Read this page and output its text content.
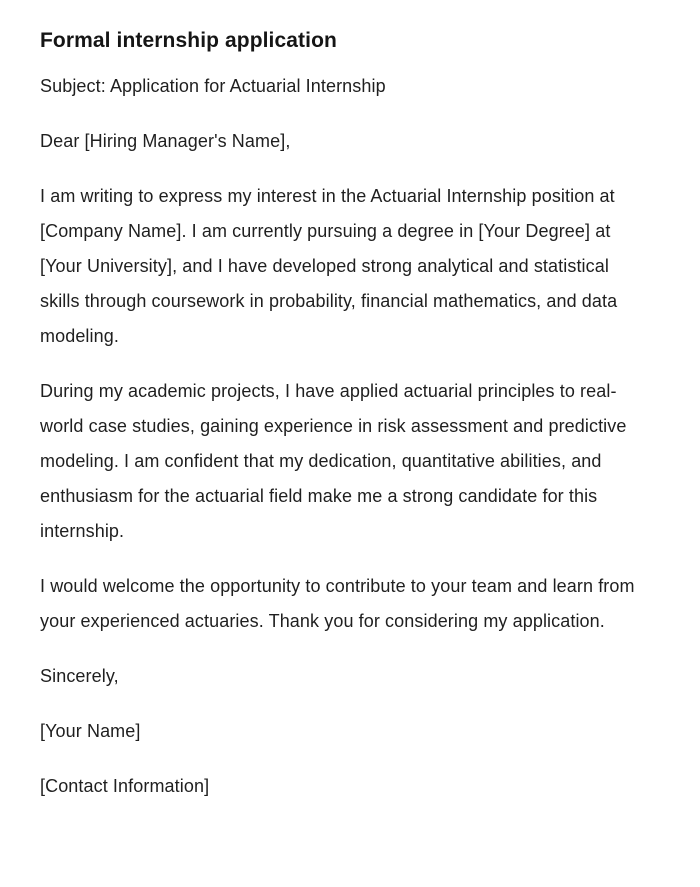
Formal internship application

Subject: Application for Actuarial Internship

Dear [Hiring Manager's Name],

I am writing to express my interest in the Actuarial Internship position at [Company Name]. I am currently pursuing a degree in [Your Degree] at [Your University], and I have developed strong analytical and statistical skills through coursework in probability, financial mathematics, and data modeling.

During my academic projects, I have applied actuarial principles to real-world case studies, gaining experience in risk assessment and predictive modeling. I am confident that my dedication, quantitative abilities, and enthusiasm for the actuarial field make me a strong candidate for this internship.

I would welcome the opportunity to contribute to your team and learn from your experienced actuaries. Thank you for considering my application.

Sincerely,

[Your Name]

[Contact Information]
